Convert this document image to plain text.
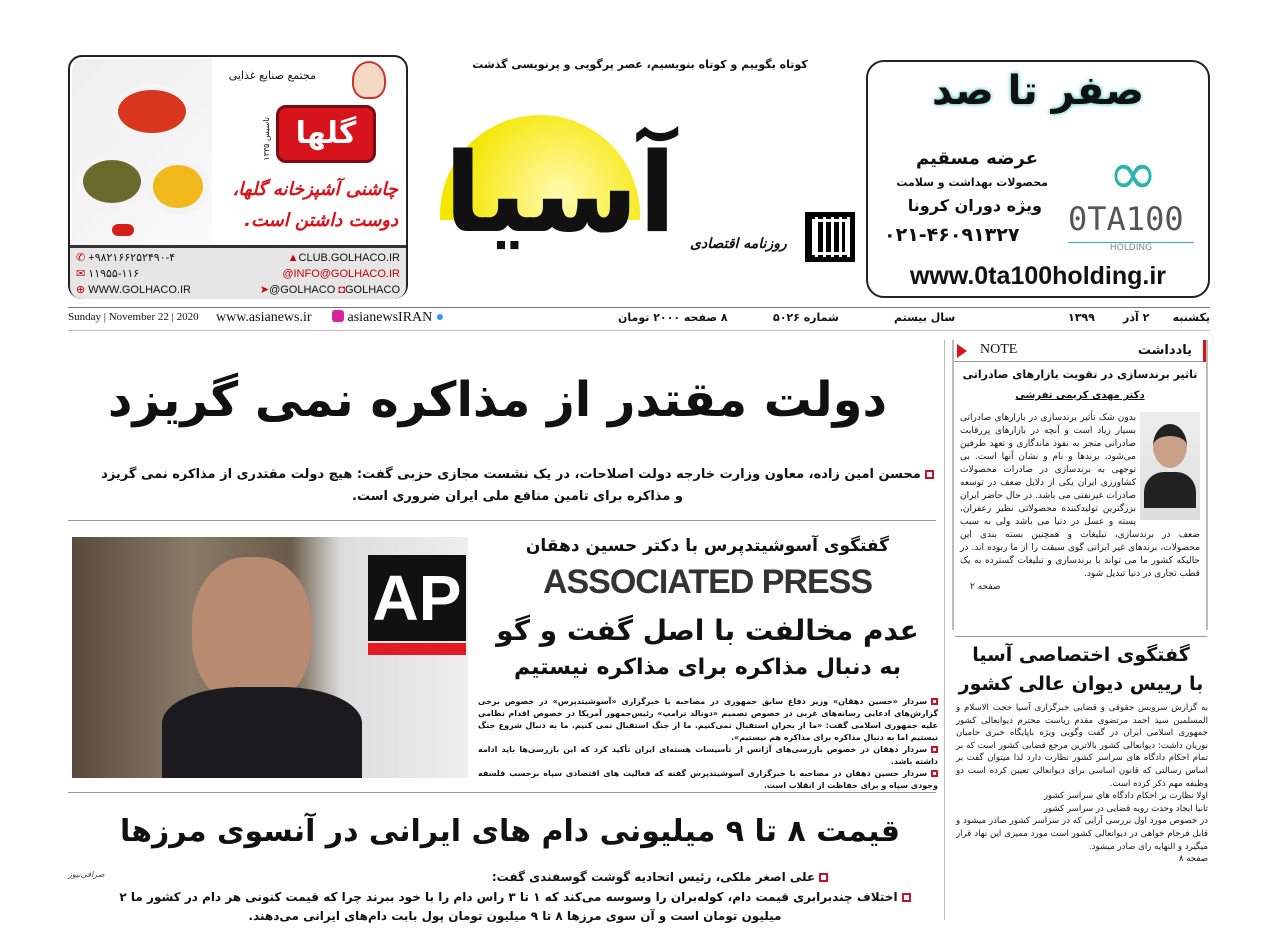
مجتمع صنایع غذایی
گلها
تاسیس ۱۳۳۵
چاشنی آشپزخانه گلها،
دوست داشتن است.
✆ +۹۸۲۱۶۶۲۵۲۴۹۰-۴	▲CLUB.GOLHACO.IR
✉ ۱۱۹۵۵-۱۱۶	@INFO@GOLHACO.IR
⊕ WWW.GOLHACO.IR	➤@GOLHACO ◘GOLHACO
کوتاه بگوییم و کوتاه بنویسیم، عصر پرگویی و پرنویسی گذشت
آسیا روزنامه اقتصادی
صفر تا صد
عرضه مسقیم
محصولات بهداشت و سلامت
ویژه دوران کرونا
۰۲۱-۴۶۰۹۱۳۲۷
∞
0TA100
HOLDING
www.0ta100holding.ir
Sunday | November 22 | 2020 www.asianews.ir	asianewsIRAN ●	۸ صفحه ۲۰۰۰ تومان	شماره ۵۰۲۶	سال بیستم	۱۳۹۹	۲ آذر یکشنبه
دولت مقتدر از مذاکره نمی گریزد

محسن امین زاده، معاون وزارت خارجه دولت اصلاحات، در یک نشست مجازی حزبی گفت: هیچ دولت مقتدری از مذاکره نمی گریزد و مذاکره برای تامین منافع ملی ایران ضروری است.

AP
گفتگوی آسوشیتدپرس با دکتر حسین دهقان
ASSOCIATED PRESS
عدم مخالفت با اصل گفت و گو
به دنبال مذاکره برای مذاکره نیستیم
سردار «حسین دهقان» وزیر دفاع سابق جمهوری در مصاحبه با خبرگزاری «آسوشیتدپرس» در خصوص برخی گزارش‌های ادعایی رسانه‌های غربی در خصوص تصمیم «دونالد ترامپ» رئیس‌جمهور آمریکا در خصوص اقدام نظامی علیه جمهوری اسلامی گفت: «ما از بحران استقبال نمی‌کنیم. ما از جنگ استقبال نمی کنیم. ما به دنبال شروع جنگ نیستیم اما به دنبال مذاکره برای مذاکره هم نیستیم».
سردار دهقان در خصوص بازرسی‌های آژانس از تأسیسات هسته‌ای ایران تأکید کرد که این بازرسی‌ها باید ادامه داشته باشد.
سردار حسین دهقان در مصاحبه با خبرگزاری آسوشیتدپرس گفته که فعالیت های اقتصادی سپاه برحسب فلسفه وجودی سپاه و برای حفاظت از انقلاب است.
قیمت ۸ تا ۹ میلیونی دام های ایرانی در آنسوی مرزها

علی اصغر ملکی، رئیس اتحادیه گوشت گوسفندی گفت:

اختلاف چندبرابری قیمت دام، کوله‌بران را وسوسه می‌کند که ۱ تا ۳ راس دام را با خود ببرند چرا که قیمت کنونی هر دام در کشور ما ۲ میلیون تومان است و آن سوی مرزها ۸ تا ۹ میلیون تومان پول بابت دام‌های ایرانی می‌دهند.

صرافی‌نیوز
NOTE	یادداشت
تاثیر برندسازی در تقویت بازارهای صادراتی
دکتر مهدی کریمی تفرشی
بدون شک تأثیر برندسازی در بازارهای صادراتی بسیار زیاد است و آنچه در بازارهای پررقابت صادراتی منجر به نفوذ ماندگاری و تعهد طرفین می‌شود، برندها و نام و نشان آنها است. بی توجهی به برندسازی در صادرات محصولات کشاورزی ایران یکی از دلایل ضعف در توسعه صادرات غیرنفتی می باشد. در حال حاضر ایران بزرگترین تولیدکننده محصولاتی نظیر زعفران، پسته و عسل در دنیا می باشد ولی به سبب ضعف در برندسازی، تبلیغات و همچنین بسته بندی این محصولات، برندهای غیر ایرانی گوی سبقت را از ما ربوده اند. در حالیکه کشور ما می تواند با برندسازی و تبلیغات گسترده به یک قطب تجاری در دنیا تبدیل شود.
صفحه ۲
گفتگوی اختصاصی آسیا
با رییس دیوان عالی کشور
به گزارش سرویس حقوقی و قضایی خبرگزاری آسیا حجت الاسلام و المسلمین سید احمد مرتضوی مقدم ریاست محترم دیوانعالی کشور جمهوری اسلامی ایران در گفت وگویی ویژه باپایگاه خبری حامیان نوریان داشت: دیوانعالی کشور بالاترین مرجع قضایی کشور است که بر تمام احکام دادگاه های سراسر کشور نظارت دارد لذا میتوان گفت بر اساس رسالتی که قانون اساسی برای دیوانعالی تعیین کرده است دو وظیفه مهم ذکر کرده است.
اولا نظارت بر احکام دادگاه های سراسر کشور
ثانیا ایجاد وحدت رویه قضایی در سراسر کشور
در خصوص مورد اول بررسی آرایی که در سراسر کشور صادر میشود و قابل فرجام خواهی در دیوانعالی کشور است مورد ممیزی این نهاد قرار میگیرد و النهایه رای صادر میشود.
صفحه ۸
